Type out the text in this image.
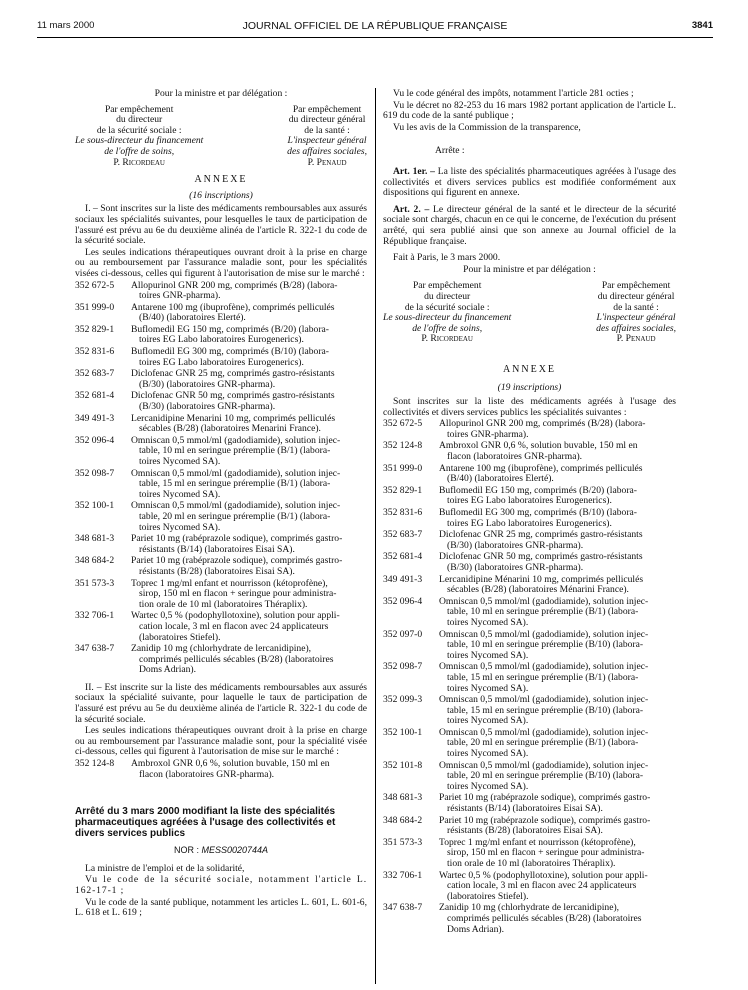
11 mars 2000	JOURNAL OFFICIEL DE LA RÉPUBLIQUE FRANÇAISE	3841

Pour la ministre et par délégation :

Par empêchement
du directeur
de la sécurité sociale :
Le sous-directeur du financement
de l'offre de soins,
P. Ricordeau
Par empêchement
du directeur général
de la santé :
L'inspecteur général
des affaires sociales,
P. Penaud

ANNEXE

(16 inscriptions)

I. – Sont inscrites sur la liste des médicaments remboursables aux assurés sociaux les spécialités suivantes, pour lesquelles le taux de participation de l'assuré est prévu au 6e du deuxième alinéa de l'article R. 322-1 du code de la sécurité sociale.

Les seules indications thérapeutiques ouvrant droit à la prise en charge ou au remboursement par l'assurance maladie sont, pour les spécialités visées ci-dessous, celles qui figurent à l'autorisation de mise sur le marché :

352 672-5	Allopurinol GNR 200 mg, comprimés (B/28) (labora-
toires GNR-pharma).
351 999-0	Antarene 100 mg (ibuprofène), comprimés pelliculés
(B/40) (laboratoires Elerté).
352 829-1	Buflomedil EG 150 mg, comprimés (B/20) (labora-
toires EG Labo laboratoires Eurogenerics).
352 831-6	Buflomedil EG 300 mg, comprimés (B/10) (labora-
toires EG Labo laboratoires Eurogenerics).
352 683-7	Diclofenac GNR 25 mg, comprimés gastro-résistants
(B/30) (laboratoires GNR-pharma).
352 681-4	Diclofenac GNR 50 mg, comprimés gastro-résistants
(B/30) (laboratoires GNR-pharma).
349 491-3	Lercanidipine Menarini 10 mg, comprimés pelliculés
sécables (B/28) (laboratoires Menarini France).
352 096-4	Omniscan 0,5 mmol/ml (gadodiamide), solution injec-
table, 10 ml en seringue préremplie (B/1) (labora-
toires Nycomed SA).
352 098-7	Omniscan 0,5 mmol/ml (gadodiamide), solution injec-
table, 15 ml en seringue préremplie (B/1) (labora-
toires Nycomed SA).
352 100-1	Omniscan 0,5 mmol/ml (gadodiamide), solution injec-
table, 20 ml en seringue préremplie (B/1) (labora-
toires Nycomed SA).
348 681-3	Pariet 10 mg (rabéprazole sodique), comprimés gastro-
résistants (B/14) (laboratoires Eisai SA).
348 684-2	Pariet 10 mg (rabéprazole sodique), comprimés gastro-
résistants (B/28) (laboratoires Eisai SA).
351 573-3	Toprec 1 mg/ml enfant et nourrisson (kétoprofène),
sirop, 150 ml en flacon + seringue pour administra-
tion orale de 10 ml (laboratoires Théraplix).
332 706-1	Wartec 0,5 % (podophyllotoxine), solution pour appli-
cation locale, 3 ml en flacon avec 24 applicateurs
(laboratoires Stiefel).
347 638-7	Zanidip 10 mg (chlorhydrate de lercanidipine),
comprimés pelliculés sécables (B/28) (laboratoires
Doms Adrian).

II. – Est inscrite sur la liste des médicaments remboursables aux assurés sociaux la spécialité suivante, pour laquelle le taux de participation de l'assuré est prévu au 5e du deuxième alinéa de l'article R. 322-1 du code de la sécurité sociale.

Les seules indications thérapeutiques ouvrant droit à la prise en charge ou au remboursement par l'assurance maladie sont, pour la spécialité visée ci-dessous, celles qui figurent à l'autorisation de mise sur le marché :

352 124-8	Ambroxol GNR 0,6 %, solution buvable, 150 ml en
flacon (laboratoires GNR-pharma).

Arrêté du 3 mars 2000 modifiant la liste des spécialités pharmaceutiques agréées à l'usage des collectivités et divers services publics

NOR : MESS0020744A

La ministre de l'emploi et de la solidarité,

Vu le code de la sécurité sociale, notamment l'article L. 162-17-1 ;

Vu le code de la santé publique, notamment les articles L. 601, L. 601-6, L. 618 et L. 619 ;

Vu le code général des impôts, notamment l'article 281 octies ;

Vu le décret no 82-253 du 16 mars 1982 portant application de l'article L. 619 du code de la santé publique ;

Vu les avis de la Commission de la transparence,

Arrête :

Art. 1er. – La liste des spécialités pharmaceutiques agréées à l'usage des collectivités et divers services publics est modifiée conformément aux dispositions qui figurent en annexe.

Art. 2. – Le directeur général de la santé et le directeur de la sécurité sociale sont chargés, chacun en ce qui le concerne, de l'exécution du présent arrêté, qui sera publié ainsi que son annexe au Journal officiel de la République française.

Fait à Paris, le 3 mars 2000.

Pour la ministre et par délégation :

Par empêchement
du directeur
de la sécurité sociale :
Le sous-directeur du financement
de l'offre de soins,
P. Ricordeau
Par empêchement
du directeur général
de la santé :
L'inspecteur général
des affaires sociales,
P. Penaud

ANNEXE

(19 inscriptions)

Sont inscrites sur la liste des médicaments agréés à l'usage des collectivités et divers services publics les spécialités suivantes :

352 672-5	Allopurinol GNR 200 mg, comprimés (B/28) (labora-
toires GNR-pharma).
352 124-8	Ambroxol GNR 0,6 %, solution buvable, 150 ml en
flacon (laboratoires GNR-pharma).
351 999-0	Antarene 100 mg (ibuprofène), comprimés pelliculés
(B/40) (laboratoires Elerté).
352 829-1	Buflomedil EG 150 mg, comprimés (B/20) (labora-
toires EG Labo laboratoires Eurogenerics).
352 831-6	Buflomedil EG 300 mg, comprimés (B/10) (labora-
toires EG Labo laboratoires Eurogenerics).
352 683-7	Diclofenac GNR 25 mg, comprimés gastro-résistants
(B/30) (laboratoires GNR-pharma).
352 681-4	Diclofenac GNR 50 mg, comprimés gastro-résistants
(B/30) (laboratoires GNR-pharma).
349 491-3	Lercanidipine Ménarini 10 mg, comprimés pelliculés
sécables (B/28) (laboratoires Ménarini France).
352 096-4	Omniscan 0,5 mmol/ml (gadodiamide), solution injec-
table, 10 ml en seringue préremplie (B/1) (labora-
toires Nycomed SA).
352 097-0	Omniscan 0,5 mmol/ml (gadodiamide), solution injec-
table, 10 ml en seringue préremplie (B/10) (labora-
toires Nycomed SA).
352 098-7	Omniscan 0,5 mmol/ml (gadodiamide), solution injec-
table, 15 ml en seringue préremplie (B/1) (labora-
toires Nycomed SA).
352 099-3	Omniscan 0,5 mmol/ml (gadodiamide), solution injec-
table, 15 ml en seringue préremplie (B/10) (labora-
toires Nycomed SA).
352 100-1	Omniscan 0,5 mmol/ml (gadodiamide), solution injec-
table, 20 ml en seringue préremplie (B/1) (labora-
toires Nycomed SA).
352 101-8	Omniscan 0,5 mmol/ml (gadodiamide), solution injec-
table, 20 ml en seringue préremplie (B/10) (labora-
toires Nycomed SA).
348 681-3	Pariet 10 mg (rabéprazole sodique), comprimés gastro-
résistants (B/14) (laboratoires Eisai SA).
348 684-2	Pariet 10 mg (rabéprazole sodique), comprimés gastro-
résistants (B/28) (laboratoires Eisai SA).
351 573-3	Toprec 1 mg/ml enfant et nourrisson (kétoprofène),
sirop, 150 ml en flacon + seringue pour administra-
tion orale de 10 ml (laboratoires Théraplix).
332 706-1	Wartec 0,5 % (podophyllotoxine), solution pour appli-
cation locale, 3 ml en flacon avec 24 applicateurs
(laboratoires Stiefel).
347 638-7	Zanidip 10 mg (chlorhydrate de lercanidipine),
comprimés pelliculés sécables (B/28) (laboratoires
Doms Adrian).
